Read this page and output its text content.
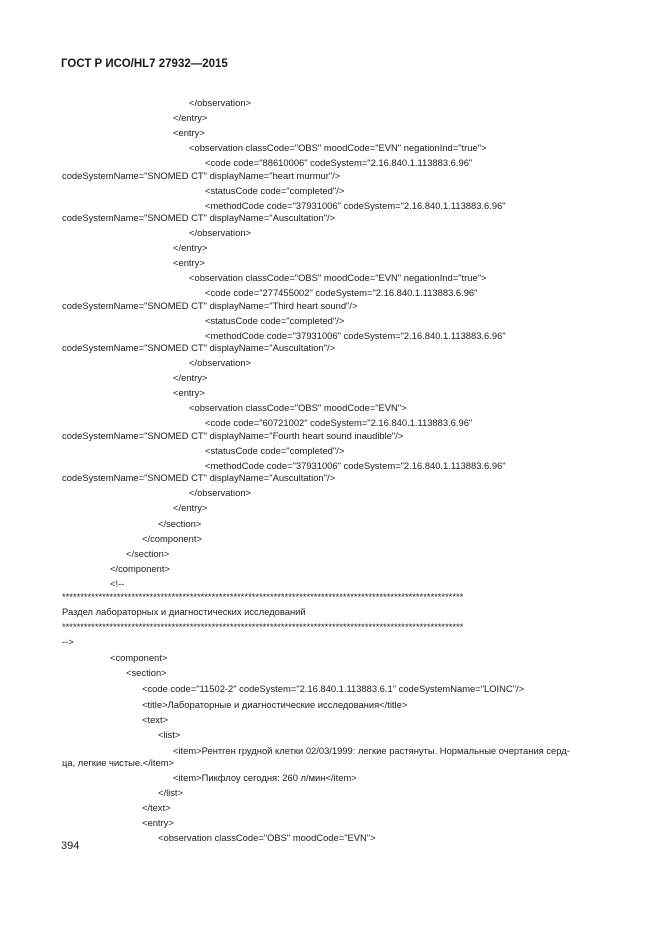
ГОСТ Р ИСО/HL7 27932—2015
</observation>
</entry>
<entry>
<observation classCode="OBS" moodCode="EVN" negationInd="true">
<code code="88610006" codeSystem="2.16.840.1.113883.6.96"
codeSystemName="SNOMED CT" displayName="heart murmur"/>
<statusCode code="completed"/>
<methodCode code="37931006" codeSystem="2.16.840.1.113883.6.96"
codeSystemName="SNOMED CT" displayName="Auscultation"/>
</observation>
</entry>
<entry>
<observation classCode="OBS" moodCode="EVN" negationInd="true">
<code code="277455002" codeSystem="2.16.840.1.113883.6.96"
codeSystemName="SNOMED CT" displayName="Third heart sound"/>
<statusCode code="completed"/>
<methodCode code="37931006" codeSystem="2.16.840.1.113883.6.96"
codeSystemName="SNOMED CT" displayName="Auscultation"/>
</observation>
</entry>
<entry>
<observation classCode="OBS" moodCode="EVN">
<code code="60721002" codeSystem="2.16.840.1.113883.6.96"
codeSystemName="SNOMED CT" displayName="Fourth heart sound inaudible"/>
<statusCode code="completed"/>
<methodCode code="37931006" codeSystem="2.16.840.1.113883.6.96"
codeSystemName="SNOMED CT" displayName="Auscultation"/>
</observation>
</entry>
</section>
</component>
</section>
</component>
<!--
**************************************************************************************************************
Раздел лабораторных и диагностических исследований
**************************************************************************************************************
-->
<component>
<section>
<code code="11502-2" codeSystem="2.16.840.1.113883.6.1" codeSystemName="LOINC"/>
<title>Лабораторные и диагностические исследования</title>
<text>
<list>
<item>Рентген грудной клетки 02/03/1999: легкие растянуты. Нормальные очертания серд-
ца, легкие чистые.</item>
<item>Пикфлоу сегодня: 260 л/мин</item>
</list>
</text>
<entry>
<observation classCode="OBS" moodCode="EVN">
394
